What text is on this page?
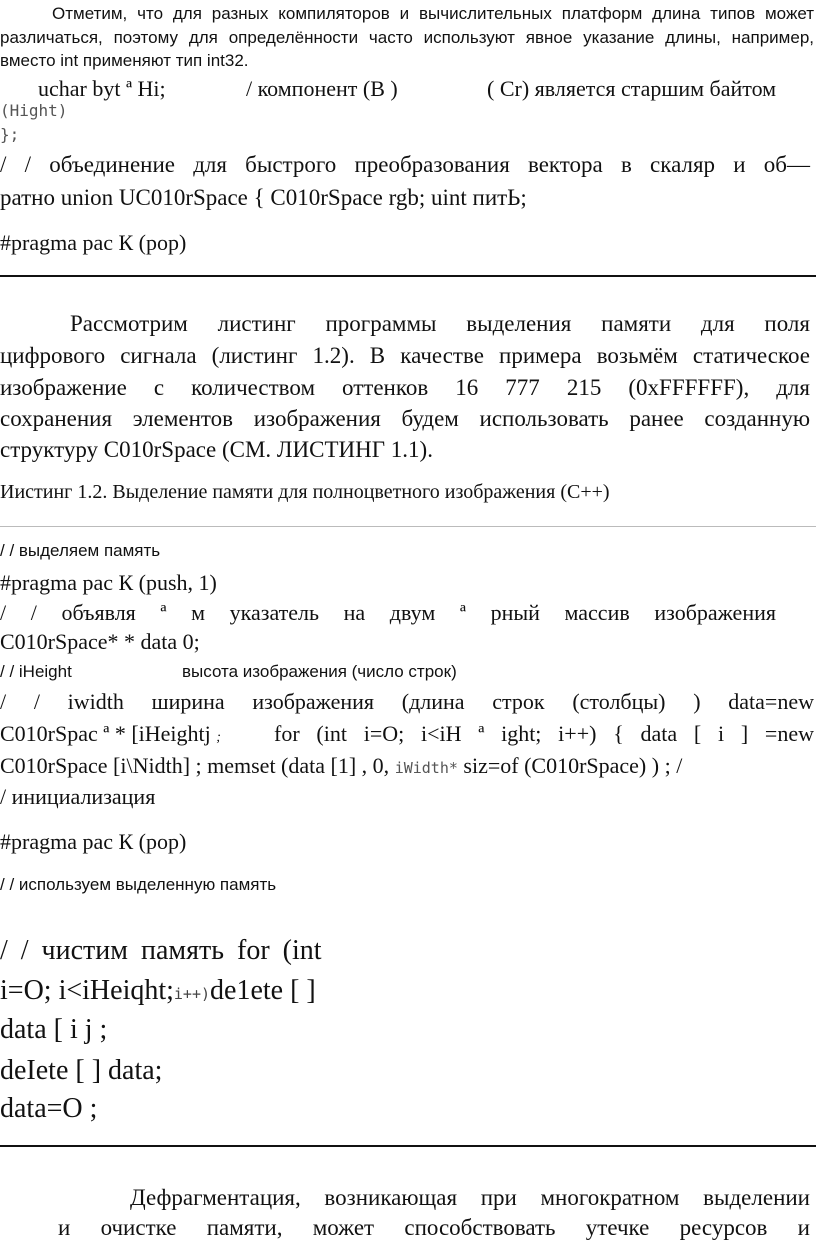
Отметим, что для разных компиляторов и вычислительных платформ длина типов может
различаться, поэтому для определённости часто используют явное указание длины, например,
вместо int применяют тип int32.
uchar byt ª Hi;	/ компонент (В )	( Cr) является старшим байтом
(Hight)
};
/ / объединение для быстрого преобразования вектора в скаляр и об—
ратно union UC010rSpace { C010rSpace rgb; uint питЬ;
#pragma рас К (pop)
Рассмотрим листинг программы выделения памяти для поля
цифрового сигнала (листинг 1.2). В качестве примера возьмём статическое
изображение с количеством оттенков 16 777 215 (0xFFFFFF), для
сохранения элементов изображения будем использовать ранее созданную
структуру С010rSpace (СМ. ЛИСТИНГ 1.1).
Иистинг 1.2. Выделение памяти для полноцветного изображения (С++)
/ / выделяем память
#pragma рас К (push, 1)
/ / объявля ª м указатель на двум ª рный массив изображения
С010rSpace* * data 0;
/ / iHeight	высота изображения (число строк)
/ / iwidth ширина изображения (длина строк (столбцы) ) data=new
С010rSpac ª * [iHeightj ;	for (int i=O; i<iH ª ight; i++) { data [ i ] =new
С010rSpace [i\Nidth] ; memset (data [1] , 0, iWidth* siz=of (C010rSpace) ) ; /
/ инициализация
#pragma рас К (pop)
/ / используем выделенную память
/ / чистим память for (int
i=O; i<iHeiqht;i++)de1ete [ ]
data [ i j ;
deIete [ ] data;
data=O ;
Дефрагментация, возникающая при многократном выделении
и очистке памяти, может способствовать утечке ресурсов и
